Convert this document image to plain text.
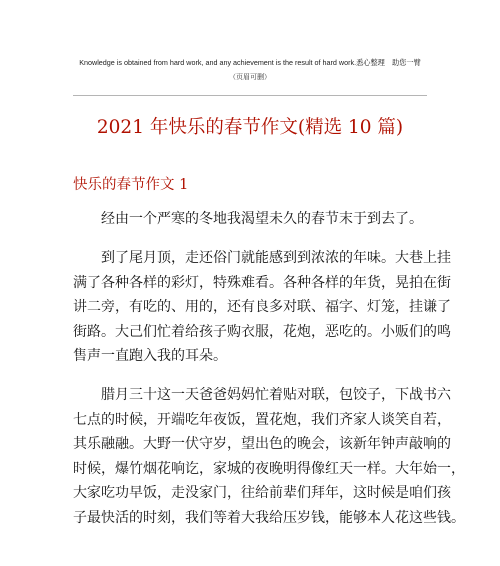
Knowledge is obtained from hard work, and any achievement is the result of hard work.悉心整理　助您一臂
（页眉可删）
2021 年快乐的春节作文(精选 10 篇)
快乐的春节作文 1

经由一个严寒的冬地我渴望未久的春节末于到去了。

到了尾月顶，走还俗门就能感到到浓浓的年味。大巷上挂
满了各种各样的彩灯，特殊难看。各种各样的年货，晃拍在街
讲二旁，有吃的、用的，还有良多对联、福字、灯笼，挂谦了
街路。大己们忙着给孩子购衣服，花炮，恶吃的。小贩们的鸣
售声一直跑入我的耳朵。

腊月三十这一天爸爸妈妈忙着贴对联，包饺子，下战书六
七点的时候，开端吃年夜饭，置花炮，我们齐家人谈笑自若，
其乐融融。大野一伏守岁，望出色的晚会，该新年钟声敲响的
时候，爆竹烟花响讫，家城的夜晚明得像红天一样。大年始一，
大家吃功早饭，走没家门，往给前辈们拜年，这时候是咱们孩
子最快活的时刻，我们等着大我给压岁钱，能够本人花这些钱。
